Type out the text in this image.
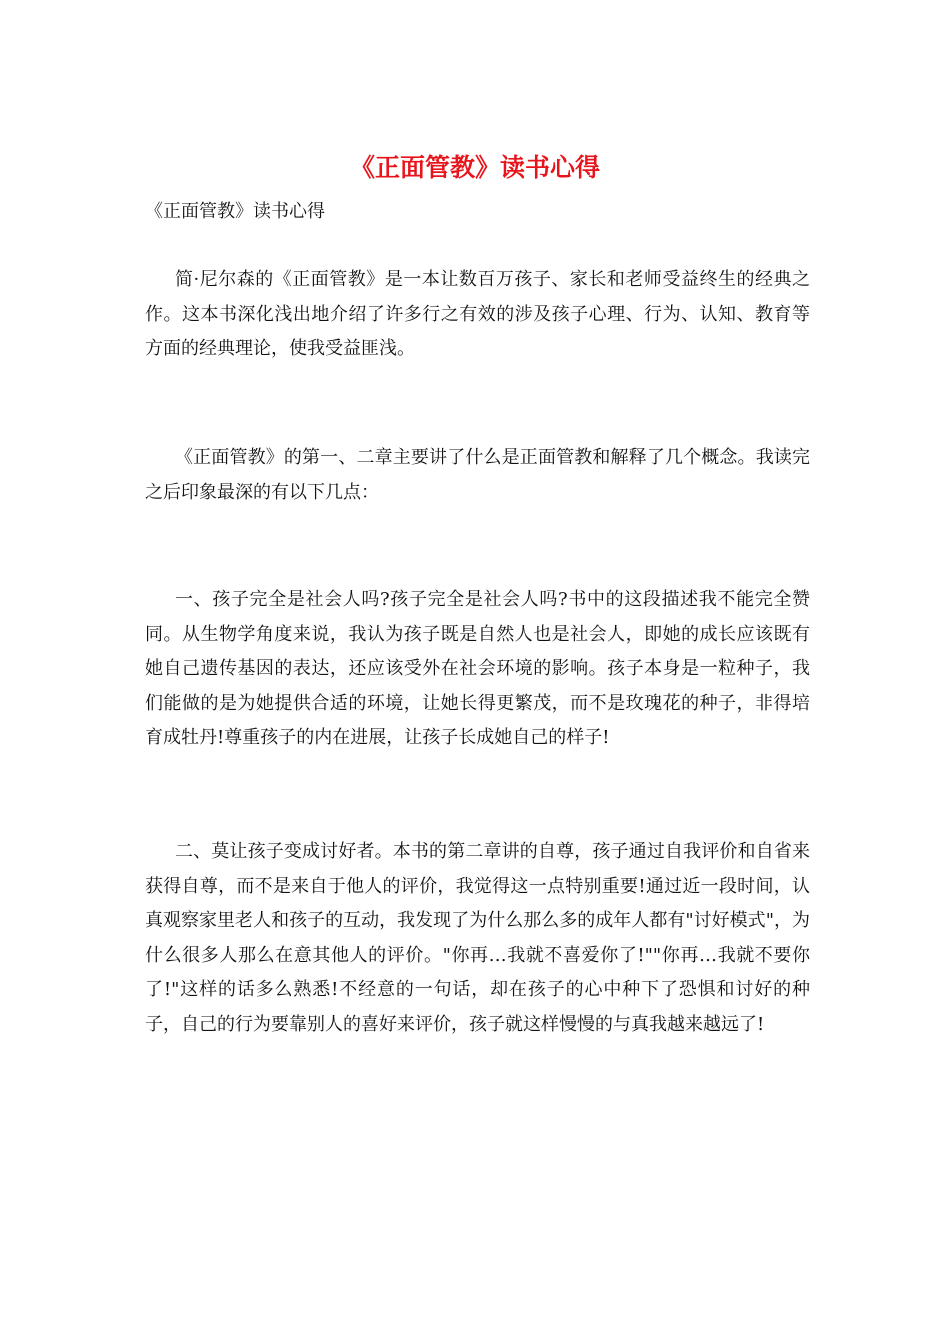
《正面管教》读书心得
《正面管教》读书心得

简·尼尔森的《正面管教》是一本让数百万孩子、家长和老师受益终生的经典之作。这本书深化浅出地介绍了许多行之有效的涉及孩子心理、行为、认知、教育等方面的经典理论，使我受益匪浅。

《正面管教》的第一、二章主要讲了什么是正面管教和解释了几个概念。我读完之后印象最深的有以下几点：

一、孩子完全是社会人吗?孩子完全是社会人吗?书中的这段描述我不能完全赞同。从生物学角度来说，我认为孩子既是自然人也是社会人，即她的成长应该既有她自己遗传基因的表达，还应该受外在社会环境的影响。孩子本身是一粒种子，我们能做的是为她提供合适的环境，让她长得更繁茂，而不是玫瑰花的种子，非得培育成牡丹!尊重孩子的内在进展，让孩子长成她自己的样子!

二、莫让孩子变成讨好者。本书的第二章讲的自尊，孩子通过自我评价和自省来获得自尊，而不是来自于他人的评价，我觉得这一点特别重要!通过近一段时间，认真观察家里老人和孩子的互动，我发现了为什么那么多的成年人都有"讨好模式"，为什么很多人那么在意其他人的评价。"你再…我就不喜爱你了!""你再…我就不要你了!"这样的话多么熟悉!不经意的一句话，却在孩子的心中种下了恐惧和讨好的种子，自己的行为要靠别人的喜好来评价，孩子就这样慢慢的与真我越来越远了!
